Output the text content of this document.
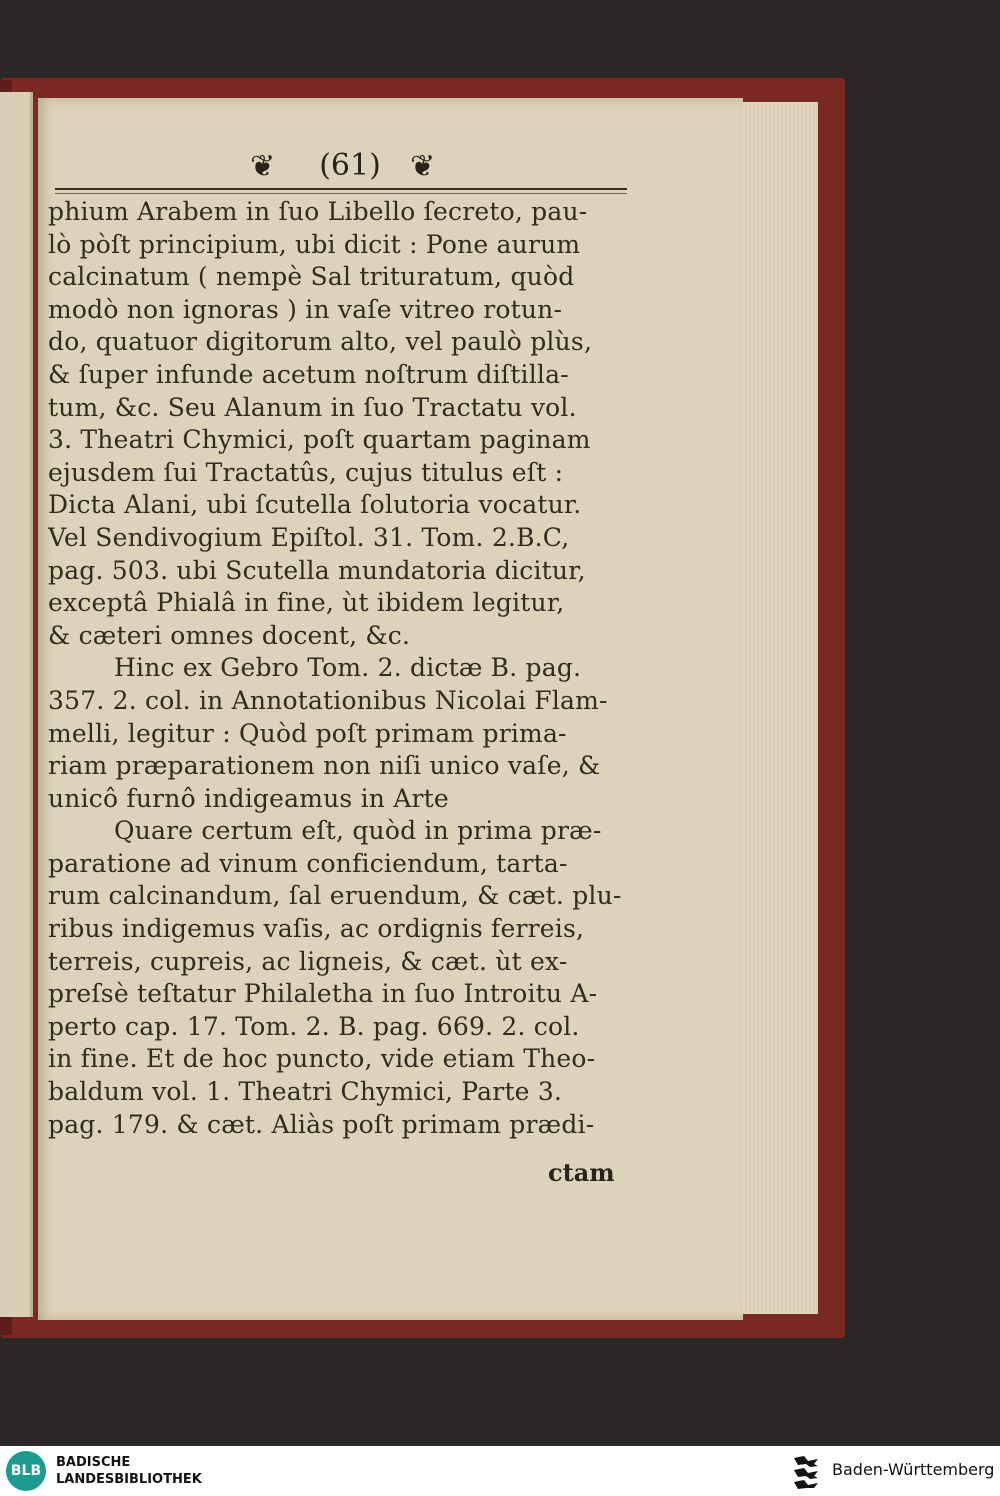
❦	(61) ❦
phium Arabem in ſuo Libello ſecreto, pau-
lò pòſt principium, ubi dicit : Pone aurum
calcinatum ( nempè Sal trituratum, quòd
modò non ignoras ) in vaſe vitreo rotun-
do, quatuor digitorum alto, vel paulò plùs,
& ſuper infunde acetum noſtrum diſtilla-
tum, &c. Seu Alanum in ſuo Tractatu vol.
3. Theatri Chymici, poſt quartam paginam
ejusdem ſui Tractatûs, cujus titulus eſt :
Dicta Alani, ubi ſcutella ſolutoria vocatur.
Vel Sendivogium Epiſtol. 31. Tom. 2.B.C,
pag. 503. ubi Scutella mundatoria dicitur,
exceptâ Phialâ in fine, ùt ibidem legitur,
& cæteri omnes docent, &c.
Hinc ex Gebro Tom. 2. dictæ B. pag.
357. 2. col. in Annotationibus Nicolai Flam-
melli, legitur : Quòd poſt primam prima-
riam præparationem non niſi unico vaſe, &
unicô furnô indigeamus in Arte
Quare certum eſt, quòd in prima præ-
paratione ad vinum conficiendum, tarta-
rum calcinandum, ſal eruendum, & cæt. plu-
ribus indigemus vaſis, ac ordignis ferreis,
terreis, cupreis, ac ligneis, & cæt. ùt ex-
preſsè teſtatur Philaletha in ſuo Introitu A-
perto cap. 17. Tom. 2. B. pag. 669. 2. col.
in fine. Et de hoc puncto, vide etiam Theo-
baldum vol. 1. Theatri Chymici, Parte 3.
pag. 179. & cæt. Aliàs poſt primam prædi-
ctam
BLB
BADISCHE
LANDESBIBLIOTHEK
Baden-Württemberg
